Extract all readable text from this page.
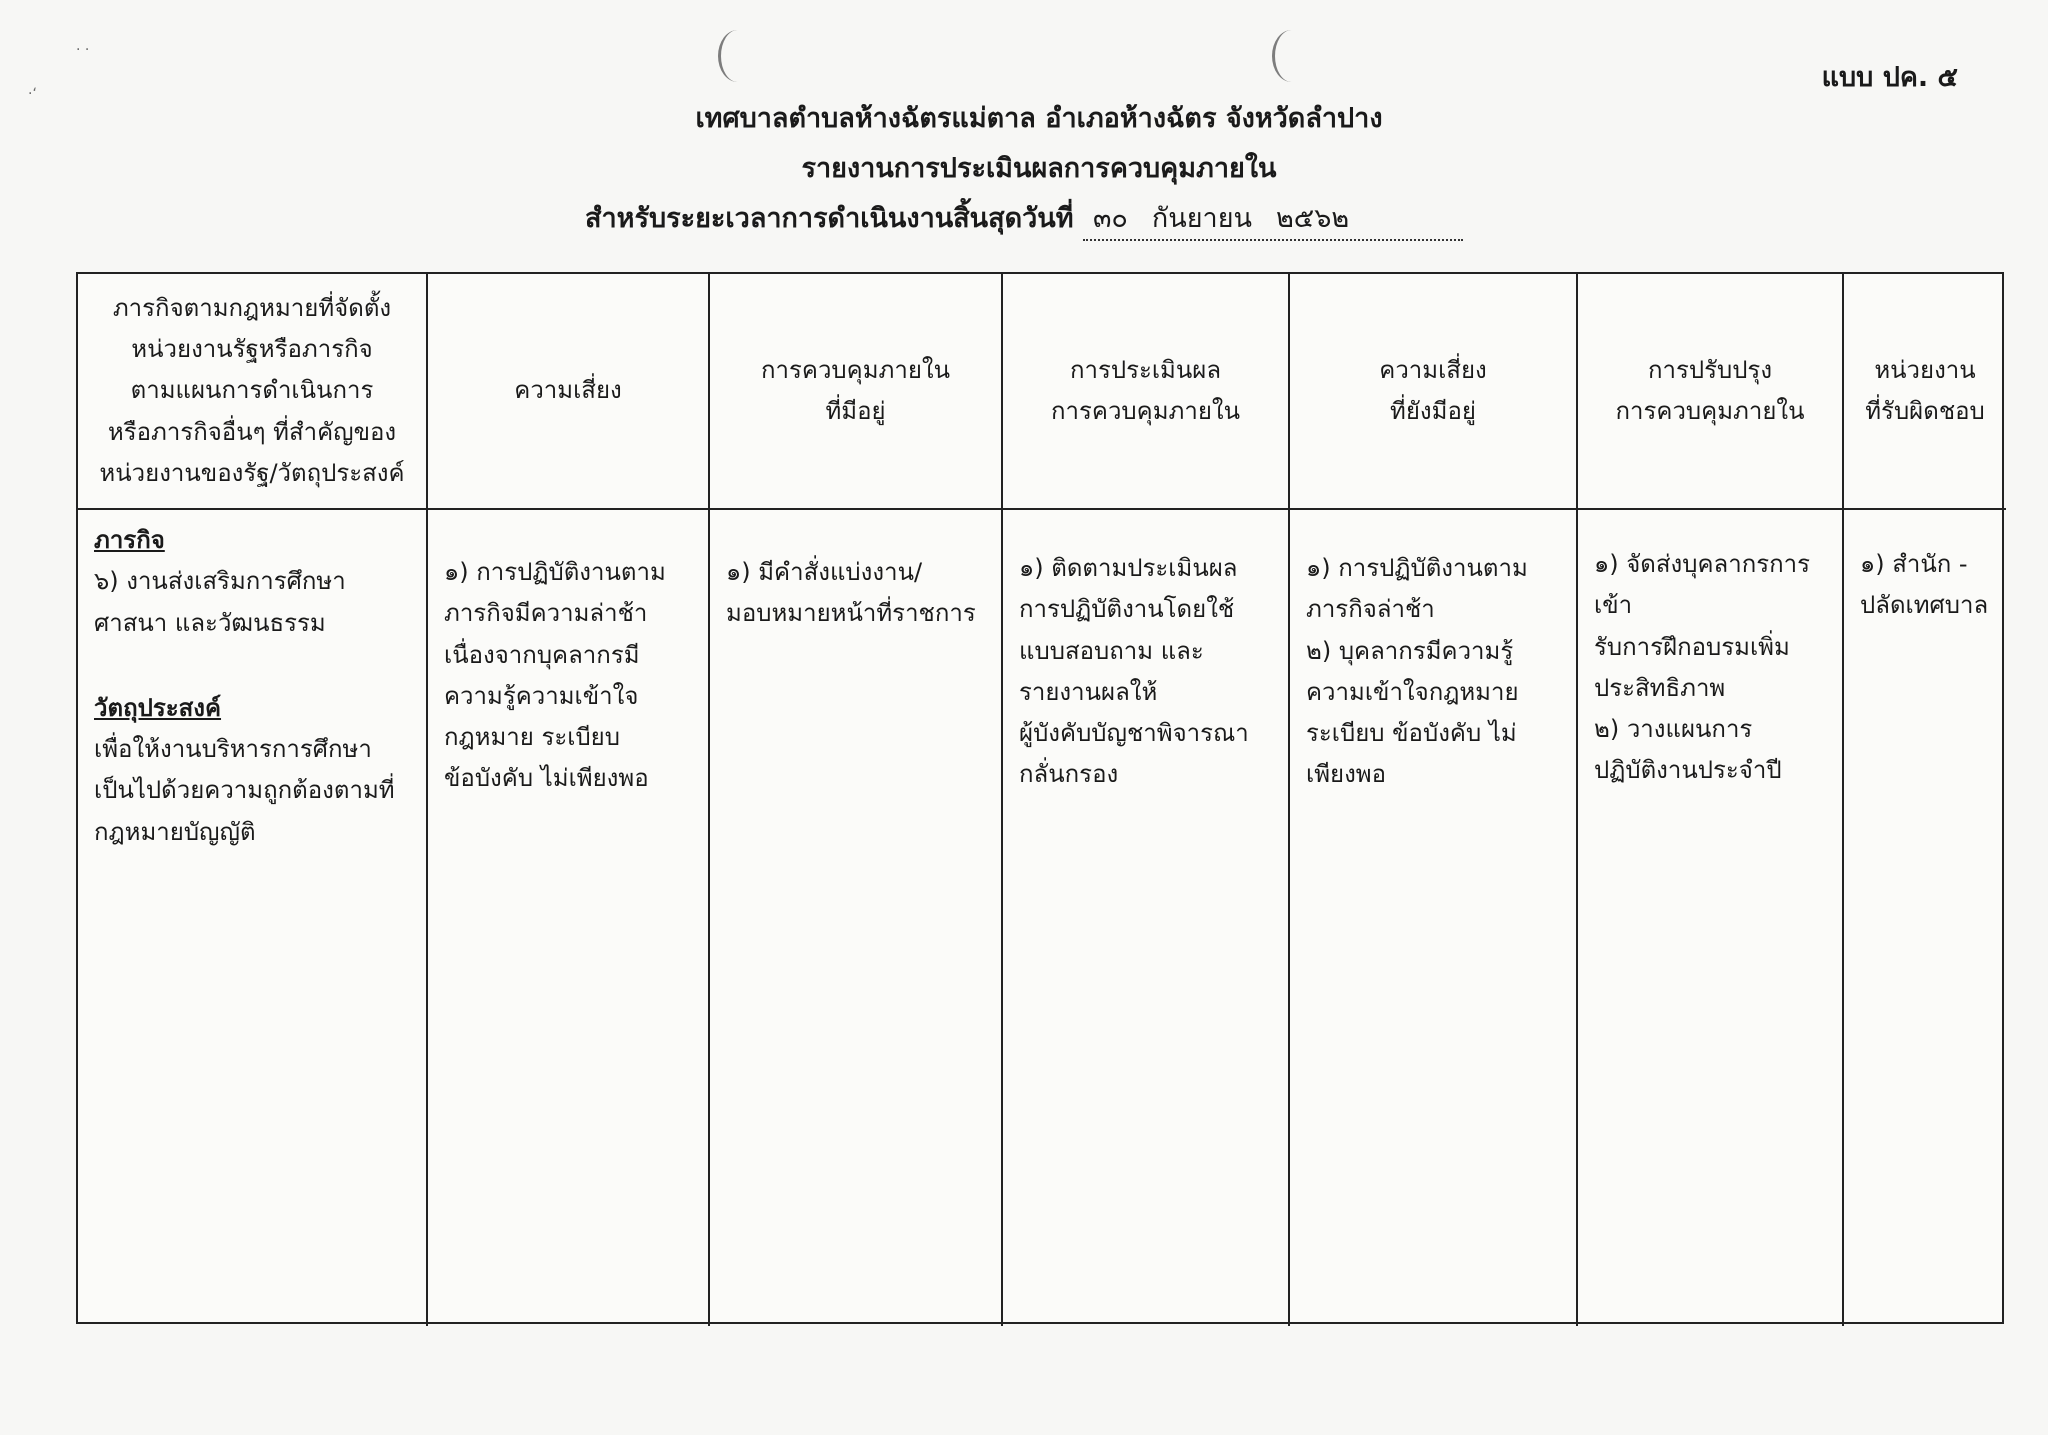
· ·
·‘
แบบ ปค. ๕
เทศบาลตำบลห้างฉัตรแม่ตาล อำเภอห้างฉัตร จังหวัดลำปาง
รายงานการประเมินผลการควบคุมภายใน
สำหรับระยะเวลาการดำเนินงานสิ้นสุดวันที่ ๓๐ กันยายน ๒๕๖๒
ภารกิจตามกฎหมายที่จัดตั้ง
หน่วยงานรัฐหรือภารกิจ
ตามแผนการดำเนินการ
หรือภารกิจอื่นๆ ที่สำคัญของ
หน่วยงานของรัฐ/วัตถุประสงค์
ความเสี่ยง
การควบคุมภายใน
ที่มีอยู่
การประเมินผล
การควบคุมภายใน
ความเสี่ยง
ที่ยังมีอยู่
การปรับปรุง
การควบคุมภายใน
หน่วยงาน
ที่รับผิดชอบ
ภารกิจ
๖) งานส่งเสริมการศึกษา
ศาสนา และวัฒนธรรม
วัตถุประสงค์
เพื่อให้งานบริหารการศึกษา
เป็นไปด้วยความถูกต้องตามที่
กฎหมายบัญญัติ
๑) การปฏิบัติงานตาม
ภารกิจมีความล่าช้า
เนื่องจากบุคลากรมี
ความรู้ความเข้าใจ
กฎหมาย ระเบียบ
ข้อบังคับ ไม่เพียงพอ
๑) มีคำสั่งแบ่งงาน/
มอบหมายหน้าที่ราชการ
๑) ติดตามประเมินผล
การปฏิบัติงานโดยใช้
แบบสอบถาม และ
รายงานผลให้
ผู้บังคับบัญชาพิจารณา
กลั่นกรอง
๑) การปฏิบัติงานตาม
ภารกิจล่าช้า
๒) บุคลากรมีความรู้
ความเข้าใจกฎหมาย
ระเบียบ ข้อบังคับ ไม่
เพียงพอ
๑) จัดส่งบุคลากรการเข้า
รับการฝึกอบรมเพิ่ม
ประสิทธิภาพ
๒) วางแผนการ
ปฏิบัติงานประจำปี
๑) สำนัก -
ปลัดเทศบาล
